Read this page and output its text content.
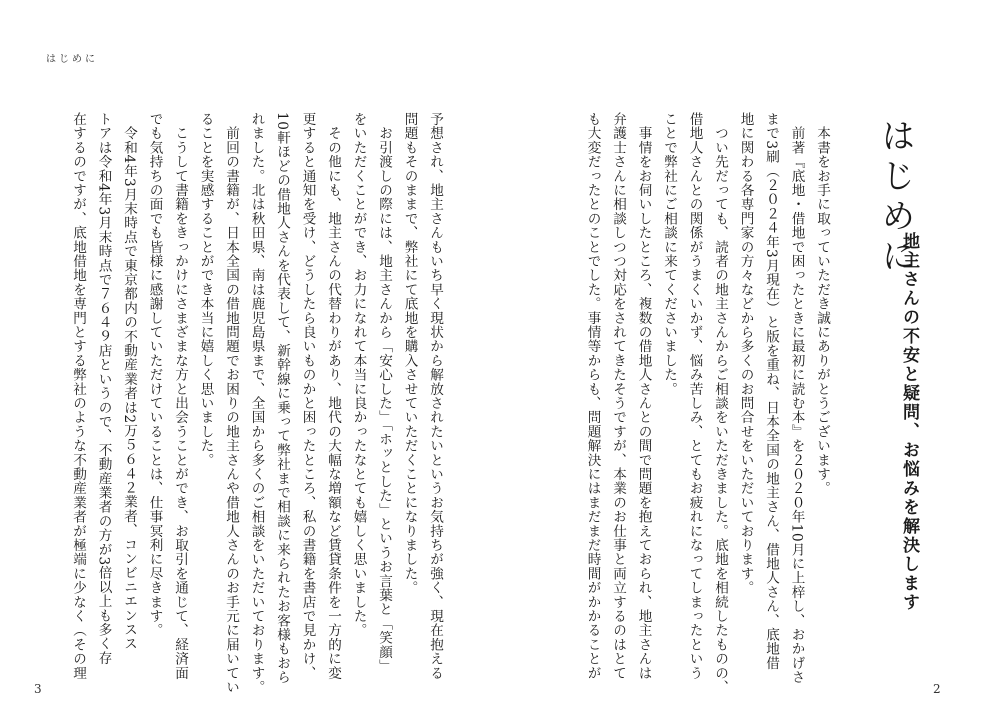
はじめに
はじめに
地主さんの不安と疑問、お悩みを解決します
　本書をお手に取っていただき誠にありがとうございます。
　前著『底地・借地で困ったときに最初に読む本』を２０２０年10月に上梓し、おかげさ
まで3刷（２０２４年3月現在）と版を重ね、日本全国の地主さん、借地人さん、底地借
地に関わる各専門家の方々などから多くのお問合せをいただいております。
　つい先だっても、読者の地主さんからご相談をいただきました。底地を相続したものの、
借地人さんとの関係がうまくいかず、悩み苦しみ、とてもお疲れになってしまったという
ことで弊社にご相談に来てくださいました。
　事情をお伺いしたところ、複数の借地人さんとの間で問題を抱えておられ、地主さんは
弁護士さんに相談しつつ対応をされてきたそうですが、本業のお仕事と両立するのはとて
も大変だったとのことでした。事情等からも、問題解決にはまだまだ時間がかかることが
予想され、地主さんもいち早く現状から解放されたいというお気持ちが強く、現在抱える
問題もそのままで、弊社にて底地を購入させていただくことになりました。
　お引渡しの際には、地主さんから「安心した」「ホッとした」というお言葉と「笑顔」
をいただくことができ、お力になれて本当に良かったなとても嬉しく思いました。
　その他にも、地主さんの代替わりがあり、地代の大幅な増額など賃貸条件を一方的に変
更すると通知を受け、どうしたら良いものかと困ったところ、私の書籍を書店で見かけ、
10軒ほどの借地人さんを代表して、新幹線に乗って弊社まで相談に来られたお客様もおら
れました。北は秋田県、南は鹿児島県まで、全国から多くのご相談をいただいております。
　前回の書籍が、日本全国の借地問題でお困りの地主さんや借地人さんのお手元に届いてい
ることを実感することができ本当に嬉しく思いました。
　こうして書籍をきっかけにさまざまな方と出会うことができ、お取引を通じて、経済面
でも気持ちの面でも皆様に感謝していただけていることは、仕事冥利に尽きます。
　令和4年3月末時点で東京都内の不動産業者は2万５６４２業者、コンビニエンスス
トアは令和4年3月末時点で７６４９店というので、不動産業者の方が3倍以上も多く存
在するのですが、底地借地を専門とする弊社のような不動産業者が極端に少なく（その理
3	2
